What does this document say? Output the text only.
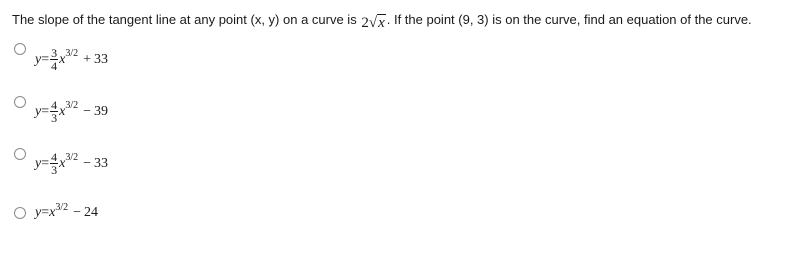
The slope of the tangent line at any point (x, y) on a curve is 2√x . If the point (9, 3) is on the curve, find an equation of the curve.
$y = \frac{3}{4}$ x 3/2 + 33
$y = \frac{4}{3}$ x 3/2 − 39
$y = \frac{4}{3}$ x 3/2 − 33
y = x 3/2 − 24
